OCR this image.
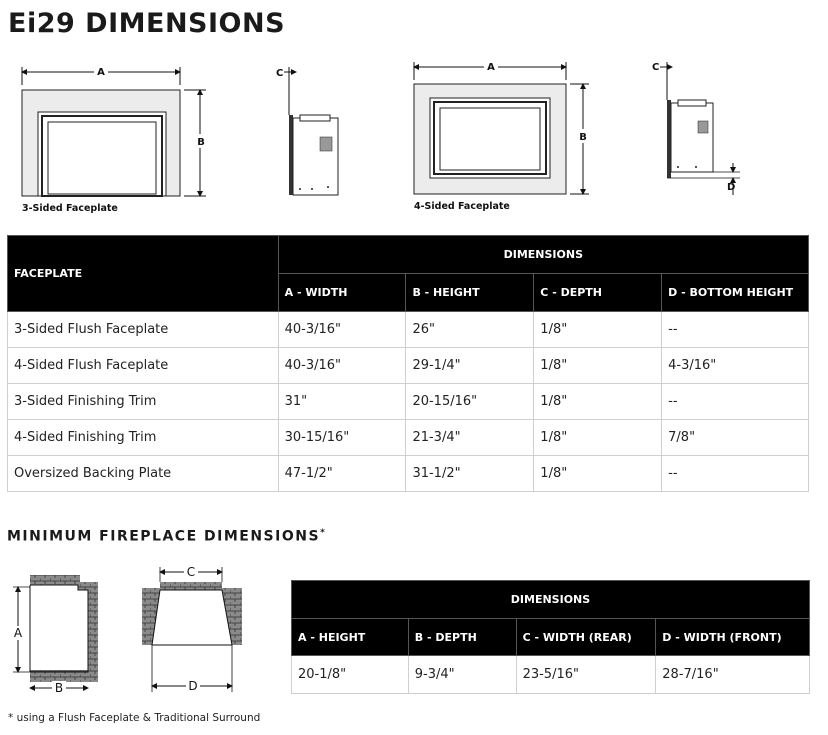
Ei29 DIMENSIONS
A
B
C
A
B
C
D
3-Sided Faceplate	4-Sided Faceplate
FACEPLATE	DIMENSIONS			
	A - WIDTH	B - HEIGHT	C - DEPTH	D - BOTTOM HEIGHT
3-Sided Flush Faceplate	40-3/16"	26"	1/8"	--
4-Sided Flush Faceplate	40-3/16"	29-1/4"	1/8"	4-3/16"
3-Sided Finishing Trim	31"	20-15/16"	1/8"	--
4-Sided Finishing Trim	30-15/16"	21-3/4"	1/8"	7/8"
Oversized Backing Plate	47-1/2"	31-1/2"	1/8"	--
MINIMUM FIREPLACE DIMENSIONS*
A
B
C
D
DIMENSIONS			
A - HEIGHT	B - DEPTH	C - WIDTH (REAR)	D - WIDTH (FRONT)
20-1/8"	9-3/4"	23-5/16"	28-7/16"
* using a Flush Faceplate & Traditional Surround
